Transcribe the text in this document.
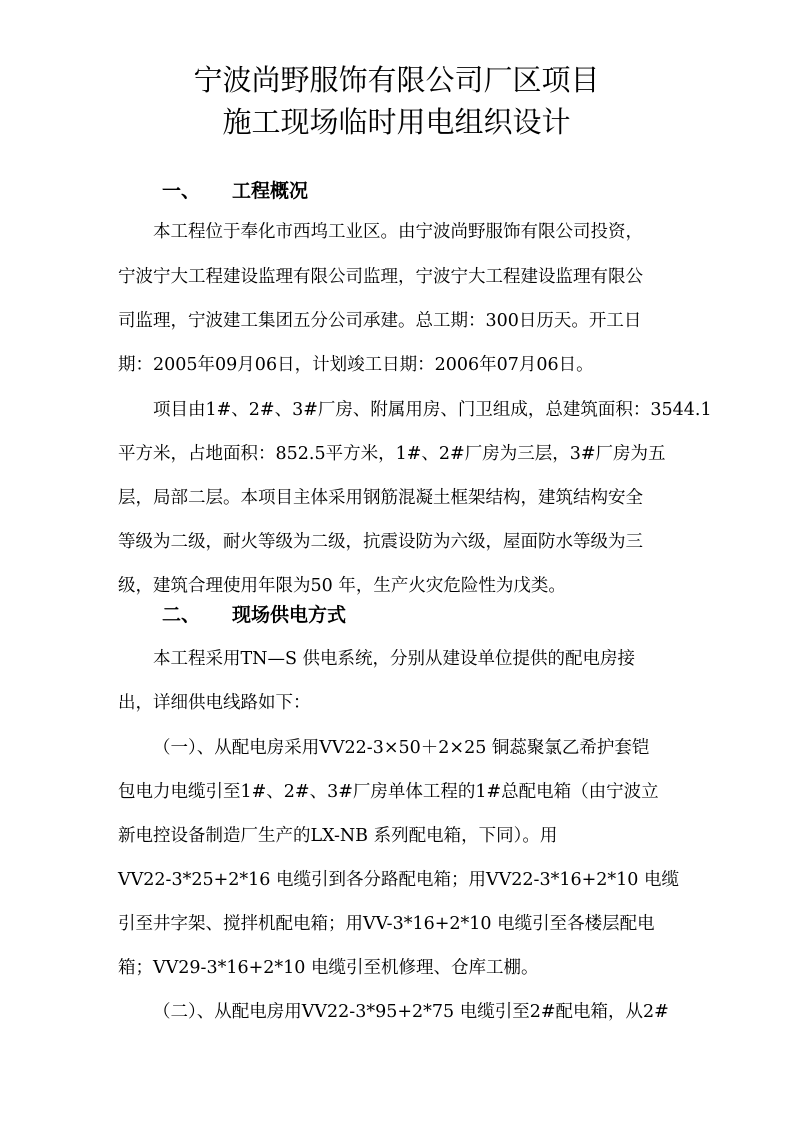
宁波尚野服饰有限公司厂区项目
施工现场临时用电组织设计
一、 工程概况
本工程位于奉化市西坞工业区。由宁波尚野服饰有限公司投资，
宁波宁大工程建设监理有限公司监理，宁波宁大工程建设监理有限公
司监理，宁波建工集团五分公司承建。总工期：300日历天。开工日
期：2005年09月06日，计划竣工日期：2006年07月06日。
项目由1#、2#、3#厂房、附属用房、门卫组成，总建筑面积：3544.1
平方米，占地面积：852.5平方米，1#、2#厂房为三层，3#厂房为五
层，局部二层。本项目主体采用钢筋混凝土框架结构，建筑结构安全
等级为二级，耐火等级为二级，抗震设防为六级，屋面防水等级为三
级，建筑合理使用年限为50 年，生产火灾危险性为戊类。
二、 现场供电方式
本工程采用TN—S 供电系统，分别从建设单位提供的配电房接
出，详细供电线路如下：
（一）、从配电房采用VV22-3×50＋2×25 铜蕊聚氯乙希护套铠
包电力电缆引至1#、2#、3#厂房单体工程的1#总配电箱（由宁波立
新电控设备制造厂生产的LX-NB 系列配电箱，下同）。用
VV22-3*25+2*16 电缆引到各分路配电箱；用VV22-3*16+2*10 电缆
引至井字架、搅拌机配电箱；用VV-3*16+2*10 电缆引至各楼层配电
箱；VV29-3*16+2*10 电缆引至机修理、仓库工棚。
（二）、从配电房用VV22-3*95+2*75 电缆引至2#配电箱，从2#
